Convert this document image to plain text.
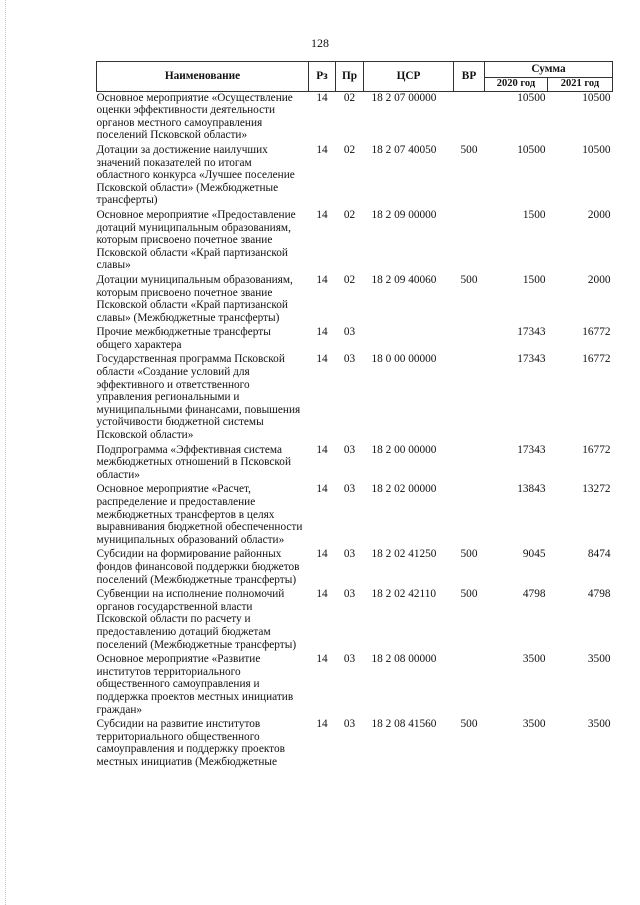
128
Наименование	Рз	Пр	ЦСР	ВР	Сумма	
					2020 год	2021 год
Основное мероприятие «Осуществление оценки эффективности деятельности органов местного самоуправления поселений Псковской области»	14	02	18 2 07 00000		10500	10500
Дотации за достижение наилучших значений показателей по итогам областного конкурса «Лучшее поселение Псковской области» (Межбюджетные трансферты)	14	02	18 2 07 40050	500	10500	10500
Основное мероприятие «Предоставление дотаций муниципальным образованиям, которым присвоено почетное звание Псковской области «Край партизанской славы»	14	02	18 2 09 00000		1500	2000
Дотации муниципальным образованиям, которым присвоено почетное звание Псковской области «Край партизанской славы» (Межбюджетные трансферты)	14	02	18 2 09 40060	500	1500	2000
Прочие межбюджетные трансферты общего характера	14	03			17343	16772
Государственная программа Псковской области «Создание условий для эффективного и ответственного управления региональными и муниципальными финансами, повышения устойчивости бюджетной системы Псковской области»	14	03	18 0 00 00000		17343	16772
Подпрограмма «Эффективная система межбюджетных отношений в Псковской области»	14	03	18 2 00 00000		17343	16772
Основное мероприятие «Расчет, распределение и предоставление межбюджетных трансфертов в целях выравнивания бюджетной обеспеченности муниципальных образований области»	14	03	18 2 02 00000		13843	13272
Субсидии на формирование районных фондов финансовой поддержки бюджетов поселений (Межбюджетные трансферты)	14	03	18 2 02 41250	500	9045	8474
Субвенции на исполнение полномочий органов государственной власти Псковской области по расчету и предоставлению дотаций бюджетам поселений (Межбюджетные трансферты)	14	03	18 2 02 42110	500	4798	4798
Основное мероприятие «Развитие институтов территориального общественного самоуправления и поддержка проектов местных инициатив граждан»	14	03	18 2 08 00000		3500	3500
Субсидии на развитие институтов территориального общественного самоуправления и поддержку проектов местных инициатив (Межбюджетные	14	03	18 2 08 41560	500	3500	3500
